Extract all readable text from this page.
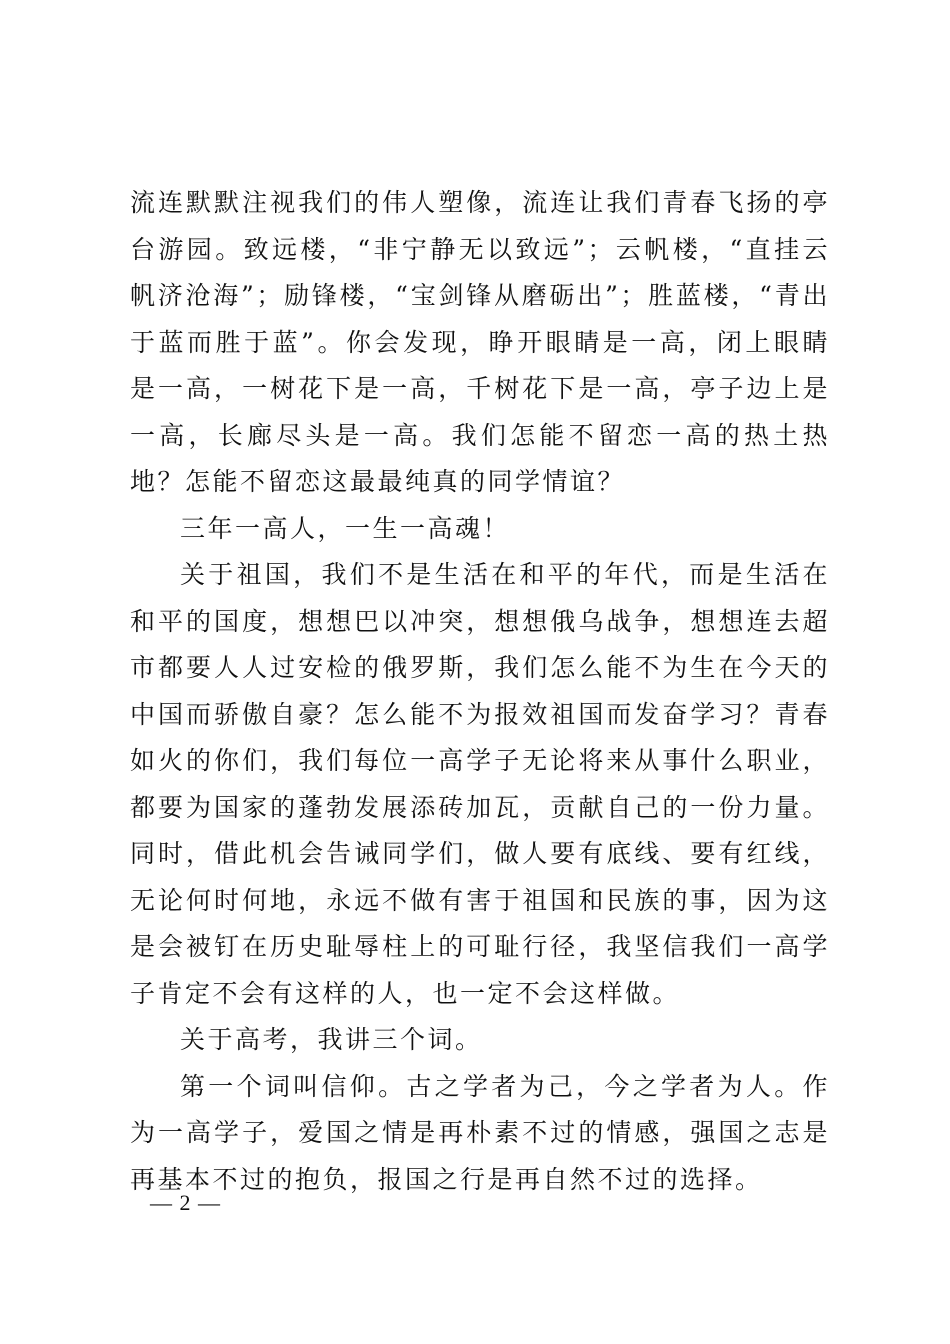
流连默默注视我们的伟人塑像，流连让我们青春飞扬的亭台游园。致远楼，“非宁静无以致远”；云帆楼，“直挂云帆济沧海”；励锋楼，“宝剑锋从磨砺出”；胜蓝楼，“青出于蓝而胜于蓝”。你会发现，睁开眼睛是一高，闭上眼睛是一高，一树花下是一高，千树花下是一高，亭子边上是一高，长廊尽头是一高。我们怎能不留恋一高的热土热地？怎能不留恋这最最纯真的同学情谊？

三年一高人，一生一高魂！

关于祖国，我们不是生活在和平的年代，而是生活在和平的国度，想想巴以冲突，想想俄乌战争，想想连去超市都要人人过安检的俄罗斯，我们怎么能不为生在今天的中国而骄傲自豪？怎么能不为报效祖国而发奋学习？青春如火的你们，我们每位一高学子无论将来从事什么职业，都要为国家的蓬勃发展添砖加瓦，贡献自己的一份力量。同时，借此机会告诫同学们，做人要有底线、要有红线，无论何时何地，永远不做有害于祖国和民族的事，因为这是会被钉在历史耻辱柱上的可耻行径，我坚信我们一高学子肯定不会有这样的人，也一定不会这样做。

关于高考，我讲三个词。

第一个词叫信仰。古之学者为己，今之学者为人。作为一高学子，爱国之情是再朴素不过的情感，强国之志是再基本不过的抱负，报国之行是再自然不过的选择。

— 2 —
